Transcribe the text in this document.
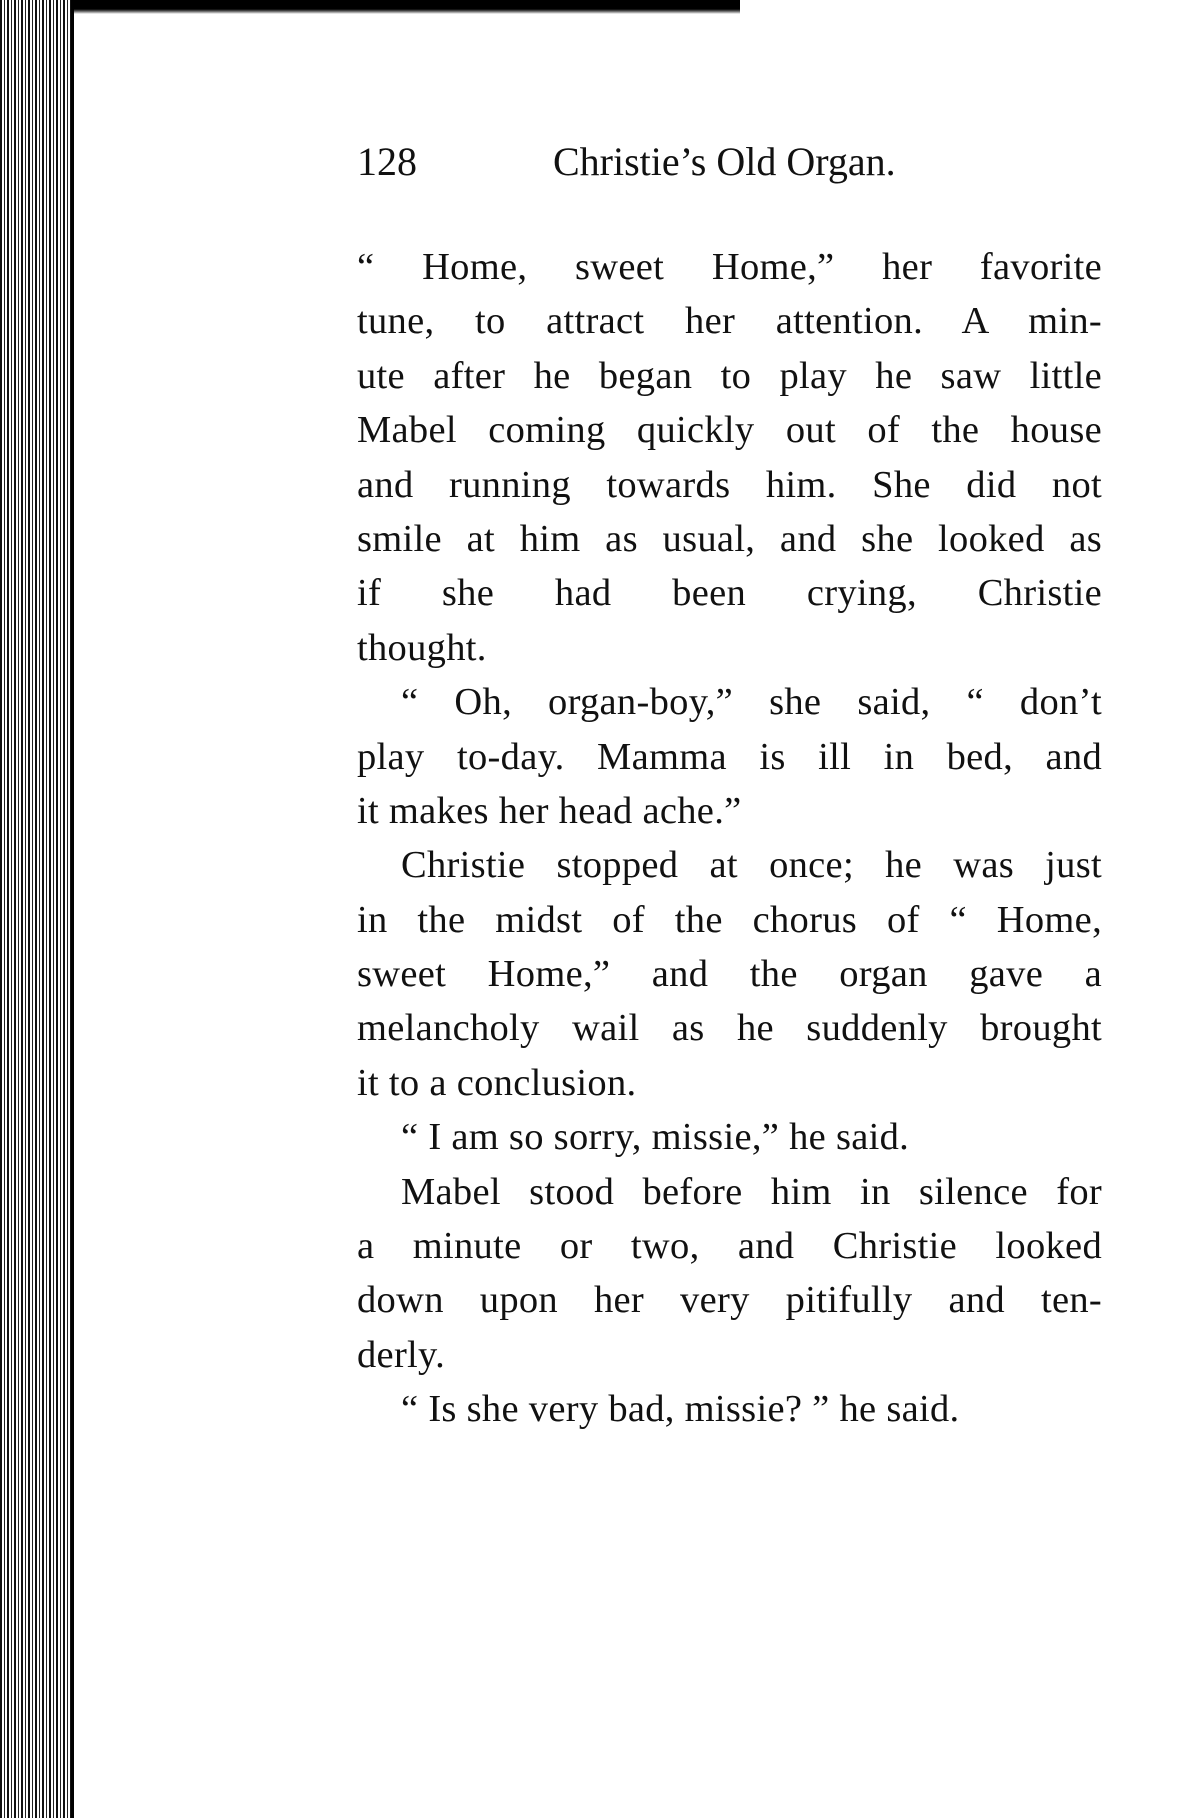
128	Christie’s Old Organ.
“ Home, sweet Home,” her favorite
tune, to attract her attention. A min-
ute after he began to play he saw little
Mabel coming quickly out of the house
and running towards him. She did not
smile at him as usual, and she looked as
if she had been crying, Christie
thought.
“ Oh, organ-boy,” she said, “ don’t
play to-day. Mamma is ill in bed, and
it makes her head ache.”
Christie stopped at once; he was just
in the midst of the chorus of “ Home,
sweet Home,” and the organ gave a
melancholy wail as he suddenly brought
it to a conclusion.
“ I am so sorry, missie,” he said.
Mabel stood before him in silence for
a minute or two, and Christie looked
down upon her very pitifully and ten-
derly.
“ Is she very bad, missie? ” he said.
